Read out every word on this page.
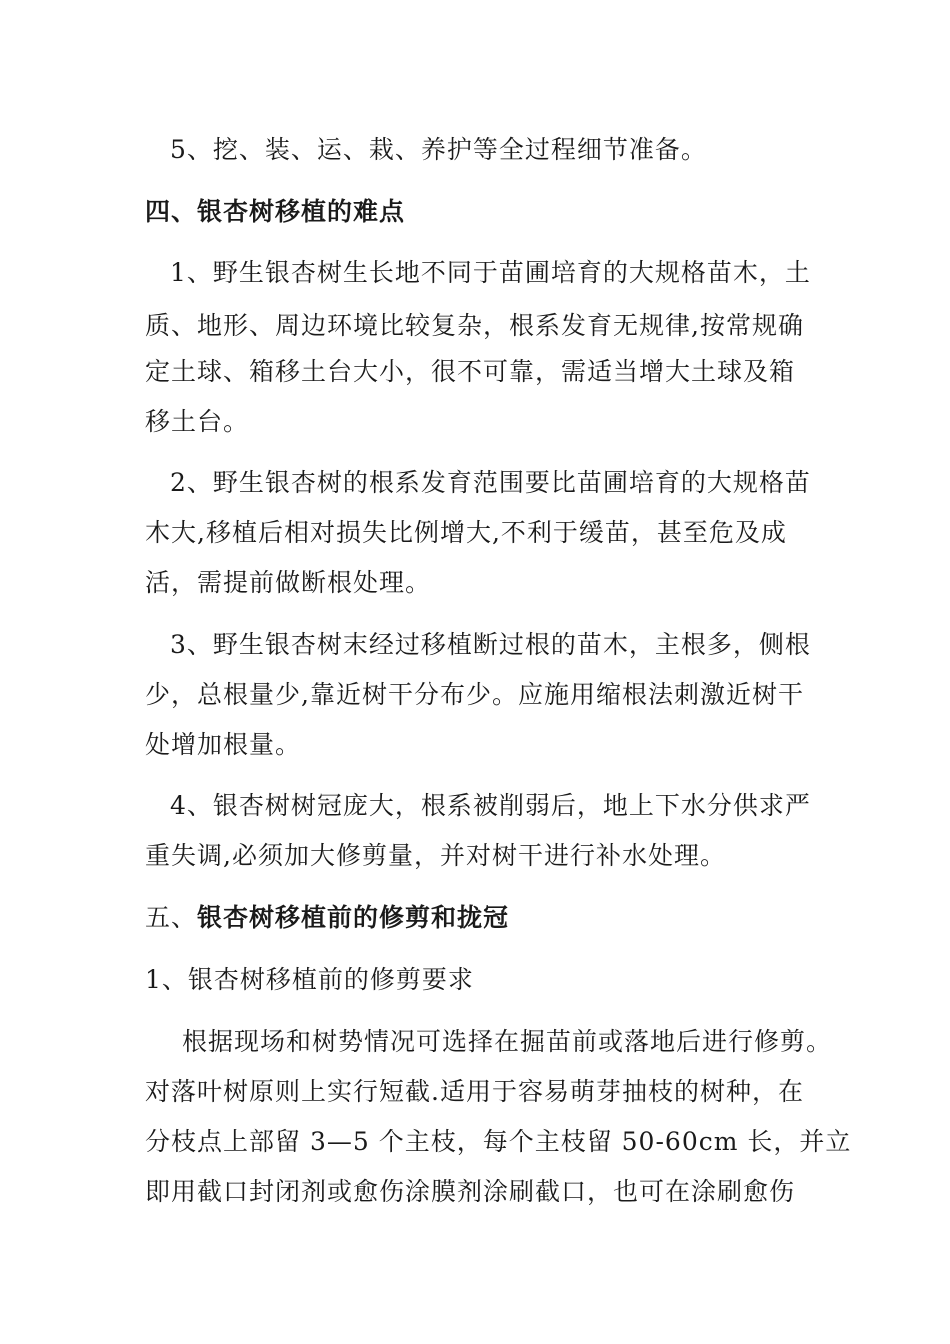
5、挖、装、运、栽、养护等全过程细节准备。
四、银杏树移植的难点
1、野生银杏树生长地不同于苗圃培育的大规格苗木，土
质、地形、周边环境比较复杂，根系发育无规律,按常规确
定土球、箱移土台大小，很不可靠，需适当增大土球及箱
移土台。
2、野生银杏树的根系发育范围要比苗圃培育的大规格苗
木大,移植后相对损失比例增大,不利于缓苗，甚至危及成
活，需提前做断根处理。
3、野生银杏树末经过移植断过根的苗木，主根多，侧根
少，总根量少,靠近树干分布少。应施用缩根法刺激近树干
处增加根量。
4、银杏树树冠庞大，根系被削弱后，地上下水分供求严
重失调,必须加大修剪量，并对树干进行补水处理。
五、银杏树移植前的修剪和拢冠
1、银杏树移植前的修剪要求
根据现场和树势情况可选择在掘苗前或落地后进行修剪。
对落叶树原则上实行短截.适用于容易萌芽抽枝的树种，在
分枝点上部留 3—5 个主枝，每个主枝留 50-60cm 长，并立
即用截口封闭剂或愈伤涂膜剂涂刷截口，也可在涂刷愈伤
